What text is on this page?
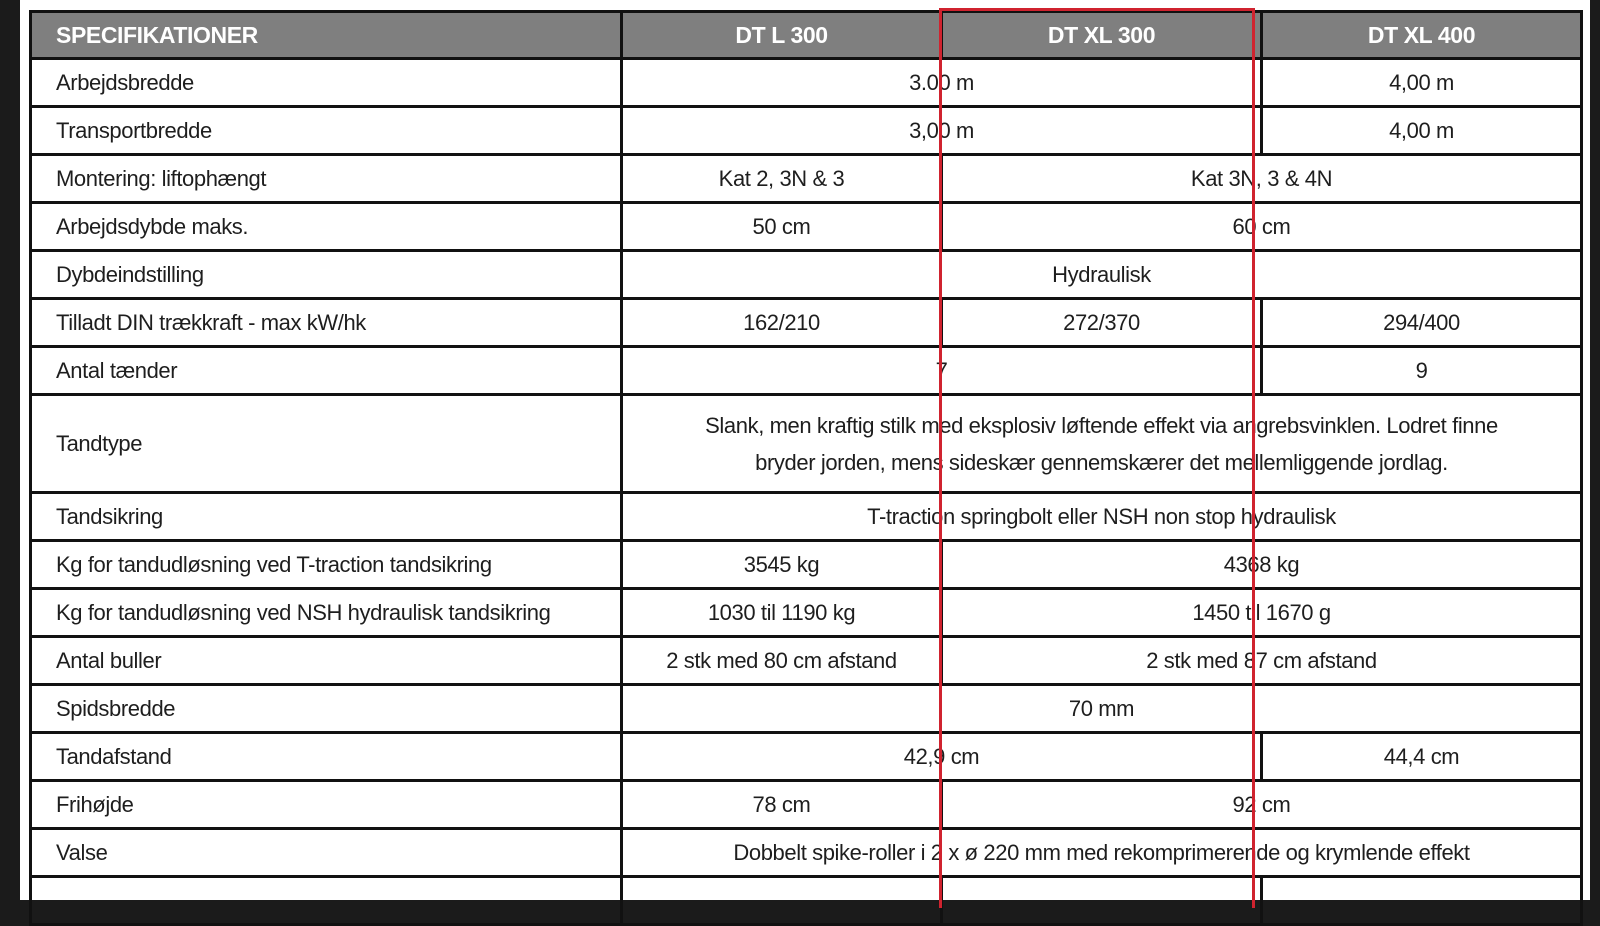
SPECIFIKATIONER	DT L 300	DT XL 300	DT XL 400
Arbejdsbredde	3.00 m		4,00 m
Transportbredde	3,00 m		4,00 m
Montering: liftophængt	Kat 2, 3N & 3	Kat 3N, 3 & 4N	
Arbejdsdybde maks.	50 cm	60 cm	
Dybdeindstilling	Hydraulisk		
Tilladt DIN trækkraft - max kW/hk	162/210	272/370	294/400
Antal tænder	7		9
Tandtype	Slank, men kraftig stilk med eksplosiv løftende effekt via angrebsvinklen. Lodret finne bryder jorden, mens sideskær gennemskærer det mellemliggende jordlag.		
Tandsikring	T-traction springbolt eller NSH non stop hydraulisk		
Kg for tandudløsning ved T-traction tandsikring	3545 kg	4368 kg	
Kg for tandudløsning ved NSH hydraulisk tandsikring	1030 til 1190 kg	1450 til 1670 g	
Antal buller	2 stk med 80 cm afstand	2 stk med 87 cm afstand	
Spidsbredde	70 mm		
Tandafstand	42,9 cm		44,4 cm
Frihøjde	78 cm	92 cm	
Valse	Dobbelt spike-roller i 2 x ø 220 mm med rekomprimerende og krymlende effekt		
